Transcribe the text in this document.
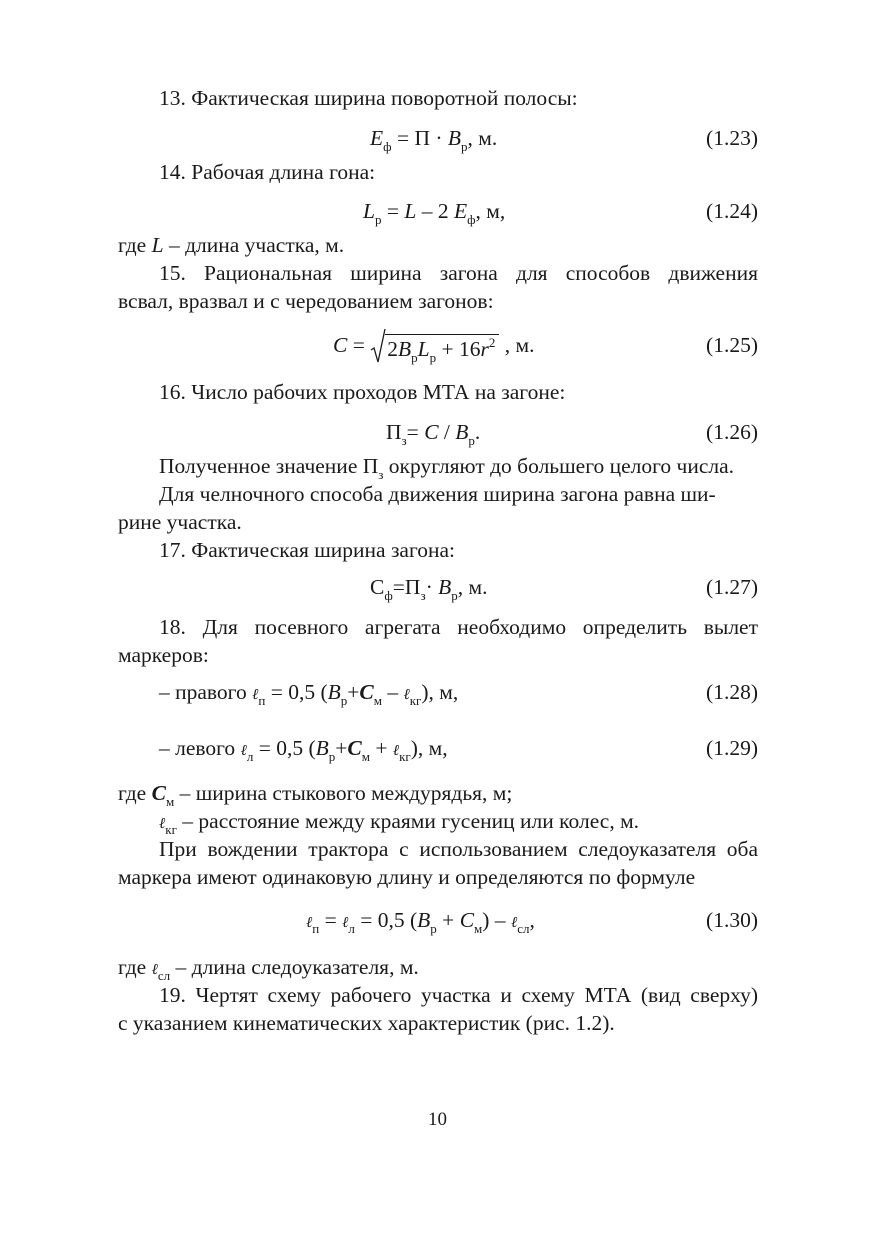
13. Фактическая ширина поворотной полосы:

$E_ф = П \cdot B_р$, м.	(1.23)

14. Рабочая длина гона:

$L_р = L - 2$ $E_ф$, м,	(1.24)

где L – длина участка, м.

15. Рациональная ширина загона для способов движения

всвал, вразвал и с чередованием загонов:

C =
$2B_рL_р + 16r^2$ , м.	(1.25)

16. Число рабочих проходов МТА на загоне:

$П_з= C / B_р$.	(1.26)

Полученное значение $П_з$ округляют до большего целого числа.

Для челночного способа движения ширина загона равна ши-

рине участка.

17. Фактическая ширина загона:

$С_ф=П_з\cdot B_р$, м.	(1.27)

18. Для посевного агрегата необходимо определить вылет

маркеров:

– правого ℓ$_п$ = 0,5 ($B_р+C_м$ – ℓ$_{кг}$), м,	(1.28)
– левого ℓ$_л$ = 0,5 ($B_р+C_м$ + ℓ$_{кг}$), м,	(1.29)

где $C_м$ – ширина стыкового междурядья, м;

ℓ$_{кг}$ – расстояние между краями гусениц или колес, м.

При вождении трактора с использованием следоуказателя оба

маркера имеют одинаковую длину и определяются по формуле

ℓ$_п$ = ℓ$_л$ = 0,5 $(B_р + C_м)$ – ℓ$_{сл}$,	(1.30)

где ℓ$_{сл}$ – длина следоуказателя, м.

19. Чертят схему рабочего участка и схему МТА (вид сверху)

с указанием кинематических характеристик (рис. 1.2).

10
